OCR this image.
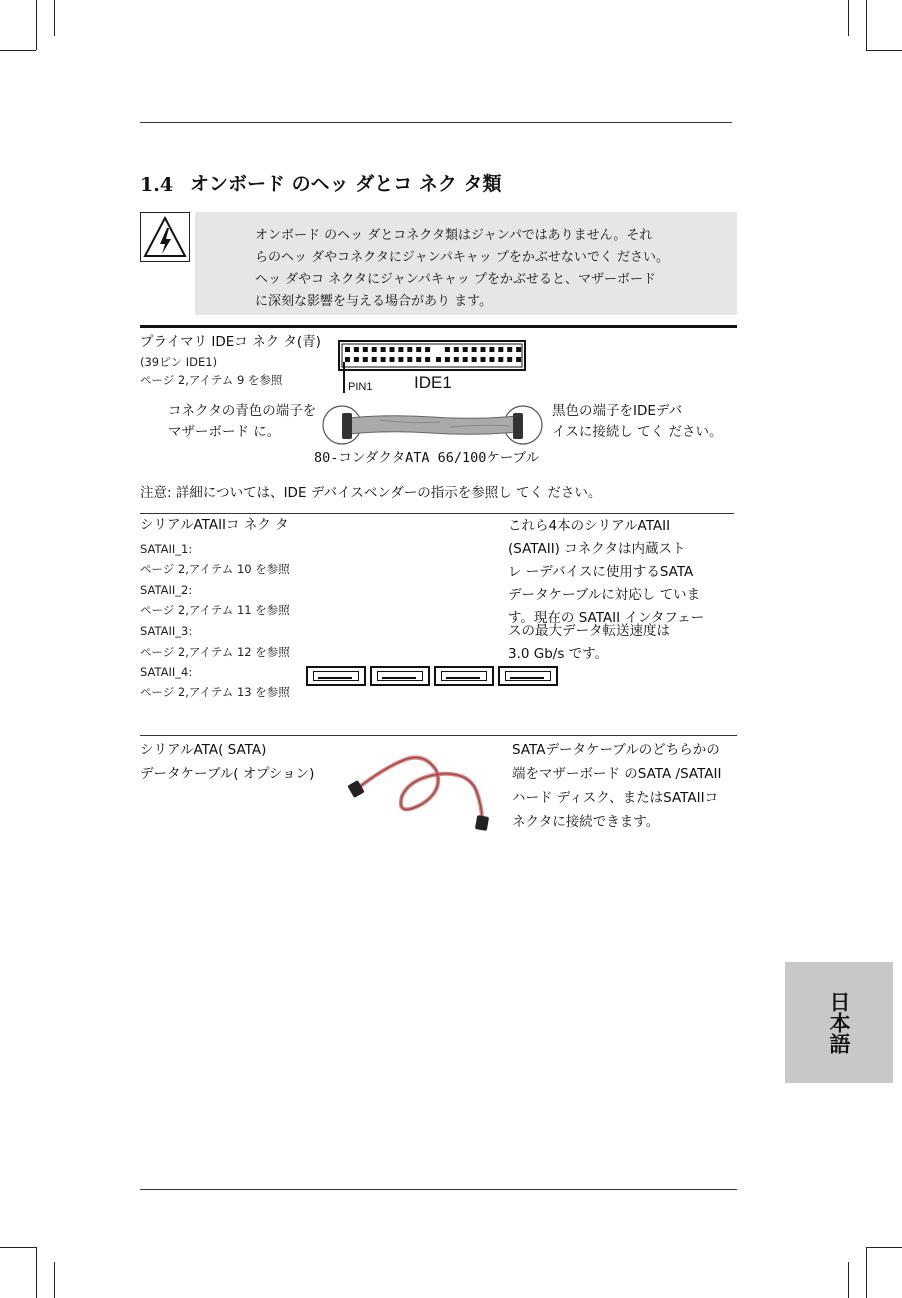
1.4 オンボード のヘッ ダとコ ネク タ類
オンボード のヘッ ダとコネクタ類はジャンパではありません。それ
らのヘッ ダやコネクタにジャンパキャッ プをかぶせないでく ださい。
ヘッ ダやコ ネクタにジャンパキャッ プをかぶせると、マザーボード
に深刻な影響を与える場合があり ます。
プライマリ IDEコ ネク タ(青)
(39ピン IDE1)
ページ 2,アイテム 9 を参照	PIN1 IDE1
コネクタの青色の端子を
マザーボード に。
黒色の端子をIDEデバ
イスに接続し てく ださい。
80-コンダクタATA 66/100ケーブル
注意: 詳細については、IDE デバイスベンダーの指示を参照し てく ださい。
シリアルATAIIコ ネク タ
SATAII_1:
ページ 2,アイテム 10 を参照
SATAII_2:
ページ 2,アイテム 11 を参照
SATAII_3:
ページ 2,アイテム 12 を参照
SATAII_4:
ページ 2,アイテム 13 を参照
これら4本のシリアルATAII
(SATAII) コネクタは内蔵スト
レ ーデバイスに使用するSATA
データケーブルに対応し ていま
す。現在の SATAII インタフェー
スの最大データ転送速度は
3.0 Gb/s です。
シリアルATA( SATA)
データケーブル( オプション)
SATAデータケーブルのどちらかの
端をマザーボード のSATA /SATAII
ハード ディスク、またはSATAIIコ
ネクタに接続できます。
日本語
